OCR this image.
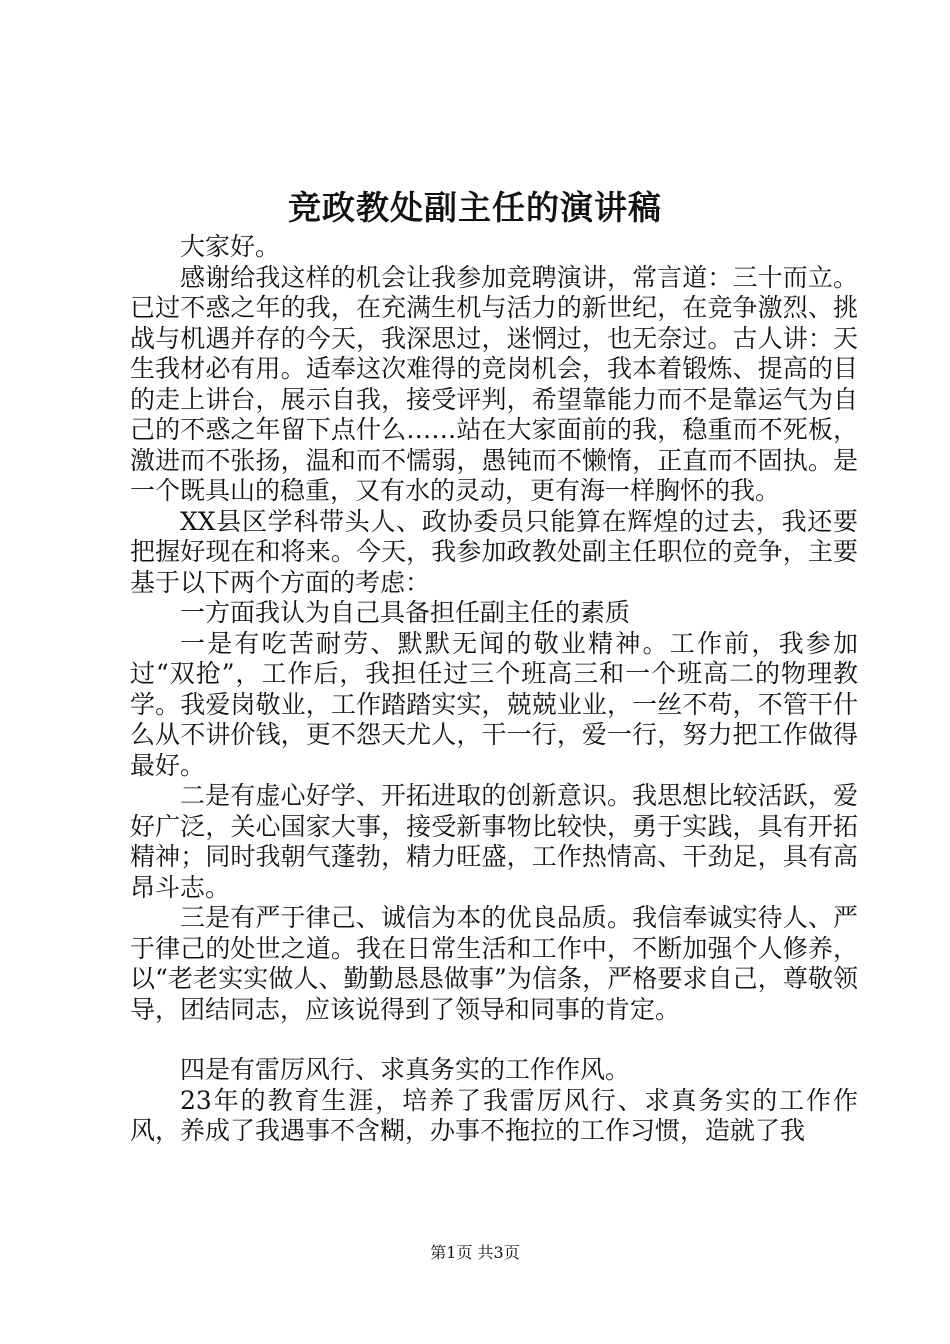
竞政教处副主任的演讲稿

大家好。

感谢给我这样的机会让我参加竞聘演讲，常言道：三十而立。已过不惑之年的我，在充满生机与活力的新世纪，在竞争激烈、挑战与机遇并存的今天，我深思过，迷惘过，也无奈过。古人讲：天生我材必有用。适奉这次难得的竞岗机会，我本着锻炼、提高的目的走上讲台，展示自我，接受评判，希望靠能力而不是靠运气为自己的不惑之年留下点什么……站在大家面前的我，稳重而不死板，激进而不张扬，温和而不懦弱，愚钝而不懒惰，正直而不固执。是一个既具山的稳重，又有水的灵动，更有海一样胸怀的我。

XX县区学科带头人、政协委员只能算在辉煌的过去，我还要把握好现在和将来。今天，我参加政教处副主任职位的竞争，主要基于以下两个方面的考虑：

一方面我认为自己具备担任副主任的素质

一是有吃苦耐劳、默默无闻的敬业精神。工作前，我参加过“双抢”，工作后，我担任过三个班高三和一个班高二的物理教学。我爱岗敬业，工作踏踏实实，兢兢业业，一丝不苟，不管干什么从不讲价钱，更不怨天尤人，干一行，爱一行，努力把工作做得最好。

二是有虚心好学、开拓进取的创新意识。我思想比较活跃，爱好广泛，关心国家大事，接受新事物比较快，勇于实践，具有开拓精神；同时我朝气蓬勃，精力旺盛，工作热情高、干劲足，具有高昂斗志。

三是有严于律己、诚信为本的优良品质。我信奉诚实待人、严于律己的处世之道。我在日常生活和工作中，不断加强个人修养，以“老老实实做人、勤勤恳恳做事”为信条，严格要求自己，尊敬领导，团结同志，应该说得到了领导和同事的肯定。

四是有雷厉风行、求真务实的工作作风。

23年的教育生涯，培养了我雷厉风行、求真务实的工作作风，养成了我遇事不含糊，办事不拖拉的工作习惯，造就了我

第1页 共3页
